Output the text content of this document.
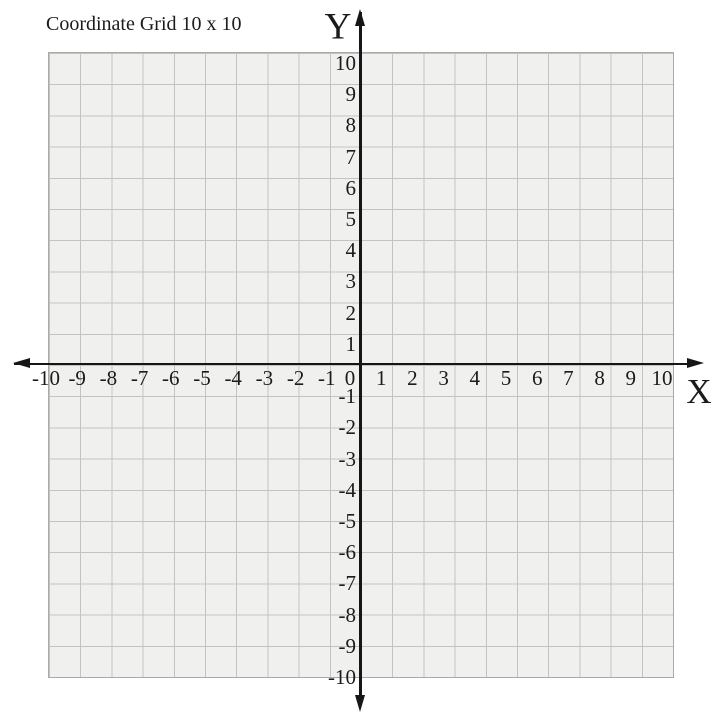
Coordinate Grid 10 x 10
X
Y
-10 -9 -8 -7 -6 -5 -4 -3 -2 -1 0 1 2 3 4 5 6 7 8 9 10
10
9
8
7
6
5
4
3
2
1
-1
-2
-3
-4
-5
-6
-7
-8
-9
-10
